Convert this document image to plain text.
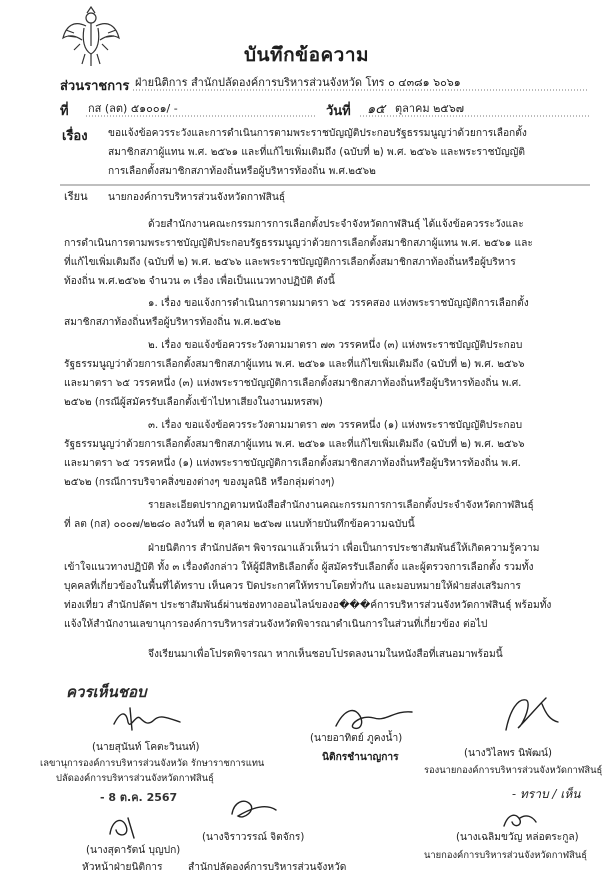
บันทึกข้อความ
ส่วนราชการ ฝ่ายนิติการ สำนักปลัดองค์การบริหารส่วนจังหวัด โทร ๐ ๔๓๘๑ ๖๐๖๑
ที่ กส (ลต) ๕๑๐๐๑/ -	วันที่ ๑๕ ตุลาคม ๒๕๖๗
เรื่อง ขอแจ้งข้อควรระวังและการดำเนินการตามพระราชบัญญัติประกอบรัฐธรรมนูญว่าด้วยการเลือกตั้ง
สมาชิกสภาผู้แทน พ.ศ. ๒๕๖๑ และที่แก้ไขเพิ่มเติมถึง (ฉบับที่ ๒) พ.ศ. ๒๕๖๖ และพระราชบัญญัติ
การเลือกตั้งสมาชิกสภาท้องถิ่นหรือผู้บริหารท้องถิ่น พ.ศ.๒๕๖๒
เรียน นายกองค์การบริหารส่วนจังหวัดกาฬสินธุ์
ด้วยสำนักงานคณะกรรมการการเลือกตั้งประจำจังหวัดกาฬสินธุ์ ได้แจ้งข้อควรระวังและ
การดำเนินการตามพระราชบัญญัติประกอบรัฐธรรมนูญว่าด้วยการเลือกตั้งสมาชิกสภาผู้แทน พ.ศ. ๒๕๖๑ และ
ที่แก้ไขเพิ่มเติมถึง (ฉบับที่ ๒) พ.ศ. ๒๕๖๖ และพระราชบัญญัติการเลือกตั้งสมาชิกสภาท้องถิ่นหรือผู้บริหาร
ท้องถิ่น พ.ศ.๒๕๖๒ จำนวน ๓ เรื่อง เพื่อเป็นแนวทางปฏิบัติ ดังนี้
๑. เรื่อง ขอแจ้งการดำเนินการตามมาตรา ๖๕ วรรคสอง แห่งพระราชบัญญัติการเลือกตั้ง
สมาชิกสภาท้องถิ่นหรือผู้บริหารท้องถิ่น พ.ศ.๒๕๖๒
๒. เรื่อง ขอแจ้งข้อควรระวังตามมาตรา ๗๓ วรรคหนึ่ง (๓) แห่งพระราชบัญญัติประกอบ
รัฐธรรมนูญว่าด้วยการเลือกตั้งสมาชิกสภาผู้แทน พ.ศ. ๒๕๖๑ และที่แก้ไขเพิ่มเติมถึง (ฉบับที่ ๒) พ.ศ. ๒๕๖๖
และมาตรา ๖๕ วรรคหนึ่ง (๓) แห่งพระราชบัญญัติการเลือกตั้งสมาชิกสภาท้องถิ่นหรือผู้บริหารท้องถิ่น พ.ศ.
๒๕๖๒ (กรณีผู้สมัครรับเลือกตั้งเข้าไปหาเสียงในงานมหรสพ)
๓. เรื่อง ขอแจ้งข้อควรระวังตามมาตรา ๗๓ วรรคหนึ่ง (๑) แห่งพระราชบัญญัติประกอบ
รัฐธรรมนูญว่าด้วยการเลือกตั้งสมาชิกสภาผู้แทน พ.ศ. ๒๕๖๑ และที่แก้ไขเพิ่มเติมถึง (ฉบับที่ ๒) พ.ศ. ๒๕๖๖
และมาตรา ๖๕ วรรคหนึ่ง (๑) แห่งพระราชบัญญัติการเลือกตั้งสมาชิกสภาท้องถิ่นหรือผู้บริหารท้องถิ่น พ.ศ.
๒๕๖๒ (กรณีการบริจาคสิ่งของต่างๆ ของมูลนิธิ หรือกลุ่มต่างๆ)
รายละเอียดปรากฏตามหนังสือสำนักงานคณะกรรมการการเลือกตั้งประจำจังหวัดกาฬสินธุ์
ที่ ลต (กส) ๐๐๐๗/๒๒๘๐ ลงวันที่ ๒ ตุลาคม ๒๕๖๗ แนบท้ายบันทึกข้อความฉบับนี้
ฝ่ายนิติการ สำนักปลัดฯ พิจารณาแล้วเห็นว่า เพื่อเป็นการประชาสัมพันธ์ให้เกิดความรู้ความ
เข้าใจแนวทางปฏิบัติ ทั้ง ๓ เรื่องดังกล่าว ให้ผู้มีสิทธิเลือกตั้ง ผู้สมัครรับเลือกตั้ง และผู้ตรวจการเลือกตั้ง รวมทั้ง
บุคคลที่เกี่ยวข้องในพื้นที่ได้ทราบ เห็นควร ปิดประกาศให้ทราบโดยทั่วกัน และมอบหมายให้ฝ่ายส่งเสริมการ
ท่องเที่ยว สำนักปลัดฯ ประชาสัมพันธ์ผ่านช่องทางออนไลน์ของอ���ค์การบริหารส่วนจังหวัดกาฬสินธุ์ พร้อมทั้ง
แจ้งให้สำนักงานเลขานุการองค์การบริหารส่วนจังหวัดพิจารณาดำเนินการในส่วนที่เกี่ยวข้อง ต่อไป
จึงเรียนมาเพื่อโปรดพิจารณา หากเห็นชอบโปรดลงนามในหนังสือที่เสนอมาพร้อมนี้
ควรเห็นชอบ
(นายสุนันท์ โคตะวินนท์)
เลขานุการองค์การบริหารส่วนจังหวัด รักษาราชการแทน
ปลัดองค์การบริหารส่วนจังหวัดกาฬสินธุ์
- 8 ต.ค. 2567
(นายอาทิตย์ ภูคงน้ำ)
นิติกรชำนาญการ	(นางวิไลพร นิพัฒน์)
รองนายกองค์การบริหารส่วนจังหวัดกาฬสินธุ์
- ทราบ / เห็น
(นางสุดารัตน์ บุญปก)
หัวหน้าฝ่ายนิติการ
(นางจิราวรรณ์ จิตจักร)
สำนักปลัดองค์การบริหารส่วนจังหวัด
(นางเฉลิมขวัญ หล่อตระกูล)
นายกองค์การบริหารส่วนจังหวัดกาฬสินธุ์
